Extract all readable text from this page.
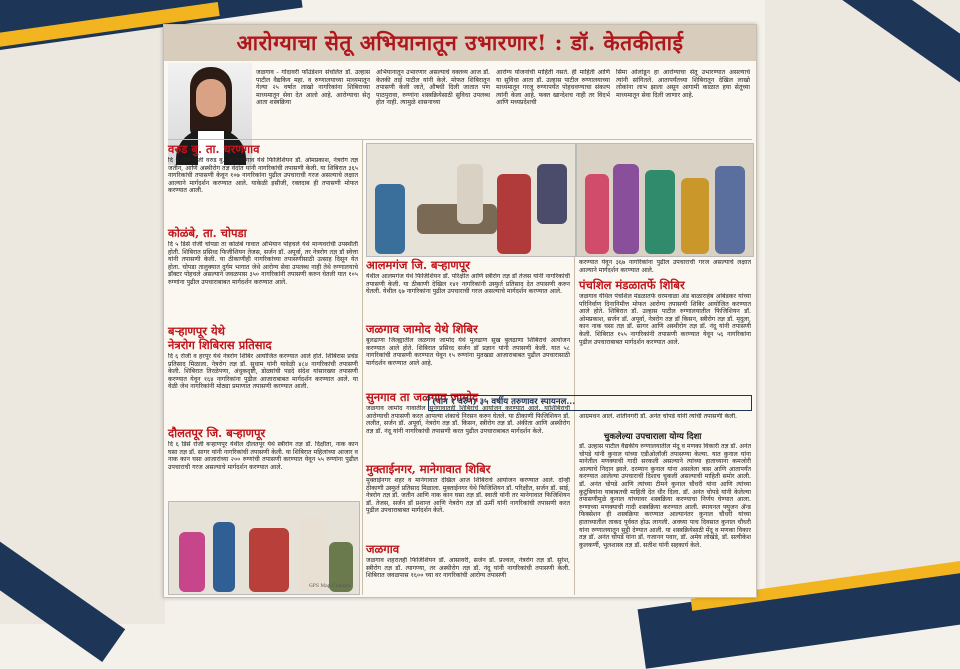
आरोग्याचा सेतू अभियानातून उभारणार! : डॉ. केतकीताई
जळगाव - गोदावरी फॉउंडेशन संचलित डॉ. उल्हास पाटील वैद्यकिय महा. व रुग्णालयाच्या माध्यमातून गेल्या २५ वर्षात लाखो नागरिकांना शिबिराच्या माध्यमातून सेवा देत आलो आहे. आरोग्याचा सेतू आता शस्त्रक्रिया
अभियानातून उभारणार असल्याचे वक्तव्य आज डॉ. केतकी ताई पाटील यांनी केले. मोफत शिबिरातून तपासणी केली जाते, औषधी दिली जातात पण पाठपुरावा, रुग्णांना शस्त्रक्रियेसाठी सुविधा उपलब्ध होत नाही. त्यामुळे शासनाच्या
आरोग्य योजनांची माहिती नसते. ही माहिती आणि या सुविधा आता डॉ. उल्हास पाटील रुग्णालयाच्या माध्यमातून गरजू रुग्णापर्यंत पोहचवण्याचा संकल्प त्यांनी केला आहे. फक्त खान्देशच नाही तर विदर्भ आणि मध्यप्रदेशची
सिमा ओलांडून हा आरोग्याचा सेतू उभारण्यात असल्याचे त्यांनी सांगितले. आतापर्यंतच्या शिबिरातून देखिल लाखो लोकांना लाभ झाला असून आगामी काळात हया सेतूच्या माध्यमातून सेवा दिली जाणार आहे.
वरुड बु. ता. धरणगाव
दि ५ डिसें रोजी वरुड बु. ता धरणगाव येथे फिजिशियन डॉ. ओमप्रकाश, नेत्ररोग तज्ञ जतीन, आणि अस्थीरोग तज्ञ वेदांत यांनी नागरिकांची तपासणी केली. या शिबिरात ३६५ नागरिकांची तपासणी केवून १०७ नागरिकांना पुढील उपचाराची गरज असल्याचे लक्षात आल्याने मार्गदर्शन करण्यात आले. याकेळी इसीजी, रक्तदाब ही तपासणी मोफत करण्यात आली.
कोळंबे, ता. चोपडा
दि ५ डिसें रोजी चोपडा ता कोळंबे गावात अभियान पोहचले येथे मान्यवरांची उपस्थीती होती. शिबिरात प्रसिध्द फिजीशियन तेजस, सर्जन डॉ. अपूर्वा, तर नेत्ररोग तज्ञ डॉ स्वेत्ता यांनी तपासणी केली. या ठीकाणीही नागरिकांच्या तपासणीसाठी उत्साह दिसून येत होता. चोपडा तालुक्यात दुर्गम भागात जेथे आरोग्य सेवा उपलब्ध नाही तेथे रुग्णालयाचे डॉक्टर पोहचले असल्याने जवळपास ३५० नागरिकांनी तपासणी करुन घेतली यात १०५ रुग्णांना पुढील उपचाराबाबत मार्गदर्शन करण्यात आले.
बऱ्हाणपूर येथे
नेत्ररोग शिबिरास प्रतिसाद
दि ६ रोजी व हरपूर येथे नेत्ररोग शिबिर आयोजित करण्यात आले होते. शिबिरास प्रचंड प्रतिसाद मिळाला. नेत्ररोग तज्ञ डॉ. सुधाम यांनी यावेळी ४८४ नागरिकांची तपासणी केली. शिबिरात तिरळेपणा, अंधुकदृष्टी, डोळ्यांची पडदे संदेश यांसारख्या तपासणी करण्यात येवून १६४ नागरिकांना पुढील आजाराबाबत मार्गदर्शन करण्यात आले. या वेळी जेथ नागरिकांनी मोठ्या प्रमाणात तपासणी करण्यात आली.
दौलतपूर जि. बऱ्हाणपूर
दि ६ डिसें रोजी बऱ्हाणपूर येथील दौलतपूर येथे स्त्रीरोग तज्ञ डॉ. दिक्षीता, नाक कान घसा तज्ञ डॉ. सागर यांनी नागरिकांची तपासणी केली. या शिबिरात महिलांच्या आजार व नाक कान घसा आजारांच्या २०० रुग्णांची तपासणी करण्यात येवून ५५ रुग्णांना पुढील उपचाराची गरज असल्याचे मार्गदर्शन करण्यात आले.
GPS Map Camera
आलमगंज जि. बऱ्हाणपूर
येथील आलमगंज येथे फिजिशियन डॉ. परिक्षीत आणि स्त्रीरोग तज्ञ डॉ तेजस यांनी नागरिकांची तपासणी केली. या ठीकाणी देखिल १४१ नागरिकांनी उस्फुर्त प्रतिसाद देत तपासणी करुन घेतली. येथील ६७ नागरिकांना पुढील उपचाराची गरज असल्याचे मार्गदर्शन करण्यात आले.
जळगाव जामोद येथे शिबिर
बुलढाणा जिल्ह्यातील जळगाव जामोद येथे मुलढाण सुख बुलढाणा शिबिराचे आयोजन करण्यात आले होते. शिबिरात प्रसिध्द सर्जन डॉ प्रज्ञान यांनी तपासणी केली. यात ५८ नागरिकांची तपासणी करण्यात येवून १५ रुग्णांना मुतखडा आजाराबाबत पुढील उपचारासाठी मार्गदर्शन करण्यात आले आहे.
सुनगाव ता जळगाव जामोद
जळगाव जामोद गावातील सुनगावातही शिबिराचे आयोजन करण्यात आले. याशिबिराची आरोग्याची तपासणी करत आपल्या शंकाचे निरसन करुन घेतले. या ठीकाणी फिजिशियन डॉ. ललीत, सर्जन डॉ. अपूर्वा, नेत्ररोग तज्ञ डॉ. किसन, स्त्रीरोग तज्ञ डॉ. अंकीता आणि अस्थीरोग तज्ञ डॉ. नंदू यांनी नागरिकांची तपासणी करत पुढील उपचाराबाबत मार्गदर्शन केले.
मुक्ताईनगर, मानेगावात शिबिर
मुक्ताईनगर शहर व मानेगावात देखिल आज शिबिराचे आयोजन करण्यात आले. दोन्ही ठीकाणी उस्फुर्त प्रतिसाद मिळाला. मुक्ताईनगर येथे फिजिशियन डॉ. परिक्षीत, सर्जन डॉ. साई, नेत्ररोग तज्ञ डॉ. जतीन आणि नाक कान घसा तज्ञ डॉ. स्वाती यांनी तर मानेगावात फिजिशियन डॉ. तेजस, सर्जन डॉ प्रशान्त आणि नेत्ररोग तज्ञ डॉ ऊर्मी यांनी नागरिकांची तपासणी करत पुढील उपचाराबाबत मार्गदर्शन केले.
जळगाव
जळगाव शहरातही फिजिशियन डॉ. आसावरी, सर्जन डॉ. प्रज्वल, नेत्ररोग तज्ञ डॉ. सुरेश, स्त्रीरोग तज्ञ डॉ. त्यागण्या, तर अस्थीरोग तज्ञ डॉ. नंदू यांनी नागरिकांची तपासणी केली. शिबिरात जवळपास १६०० च्या वर नागरिकांची आरोग्य तपासणी
करण्यात येवून ३६७ नागरिकांना पुढील उपचाराची गरज असल्याचे लक्षात आल्याने मार्गदर्शन करण्यात आले.
पंचशिल मंडळातर्फे शिबिर
जळगाव येथिल पंचशिल मंडळातर्फे धरमवाळा अंड बाळाराहेब आंबेडकर यांच्या परिनिर्वाण दिनानिमीत्त मोफत आरोग्य तपासणी शिबिर आयोजित करण्यात आले होते. शिबिरात डॉ. उल्हास पाटील रुग्णालयातील फिजिशियन डॉ. ओमप्रकाश, सर्जन डॉ. अपूर्वा, नेत्ररोग तज्ञ डॉ किसन, स्त्रीरोग तज्ञ डॉ. मृदुला, कान नाक घसा तज्ञ डॉ. सागर आणि अस्थीरोग तज्ञ डॉ. नंदू यांनी तपासणी केली. शिबिरात १५५ नागरिकांनी तपासणी करण्यात येवून ५६ नागरिकांना पुढील उपचाराबाबत मार्गदर्शन करण्यात आले.
(पान १ वरुन) ३५ वर्षीय तरुणावर स्पायनल...
आग्रमधन आले. शांतीनगरी डॉ. अनंत चोपडे यांनी त्यांची तपासणी केली.
चुकलेल्या उपचाराला योग्य दिशा
डॉ. उल्हास पाटील वैद्यकीय रुग्णालयातील मेंदू व मणका विकारी तज्ञ डॉ. अनंत चोपडे यांनी कुनाल यांच्या एडीओलॉजी तपासण्या केल्या. यात कुनाल यांना मानेतील मणक्याची गादी सरकली असल्याने त्यांच्या हाताच्याना कमजोरी आल्याचे निदान झाले. दरम्यान कुनाल यांना असलेला त्रास आणि आतापर्यंत करण्यात आलेल्या उपचाराची दिशाच चुकली असल्याची माहिती समोर आली. डॉ. अनंत चोपडे आणि त्यांच्या टीमने कुनाल चौधरी यांना आणि त्यांच्या कुटुंबियांना याबाबतची माहिती देत धीर दिला. डॉ. अनंत चोपडे यांनी केलेल्या तपासणीमुळे कुनाल यांच्यावर शस्त्रक्रिया करण्याचा निर्णय घेण्यात आला. रुग्णाच्या मणक्याची गादी शस्त्रक्रिया करण्यात आली. स्पायनल फ्युजन ॲन्ड फिक्सेशन ही शस्त्रक्रिया करण्यात आल्यानंतर कुनाल चौधरी यांच्या हाताच्यातील ताकद पुर्ववत होऊ लागली. अवघ्या पाच दिवसात कुनाल चौधरी यांना रुग्णालयातून सुट्टी देण्यात आली. या शस्त्रक्रियेसाठी मेंदू व मणका विकार तज्ञ डॉ. अनंत चोपडे यांना डॉ. गजानन पवार, डॉ. अमेय लोखंडे, डॉ. सत्यीकेश कुलकर्णी, भुलशास्त्र तज्ञ डॉ. सतीश यांनी सहकार्य केले.
